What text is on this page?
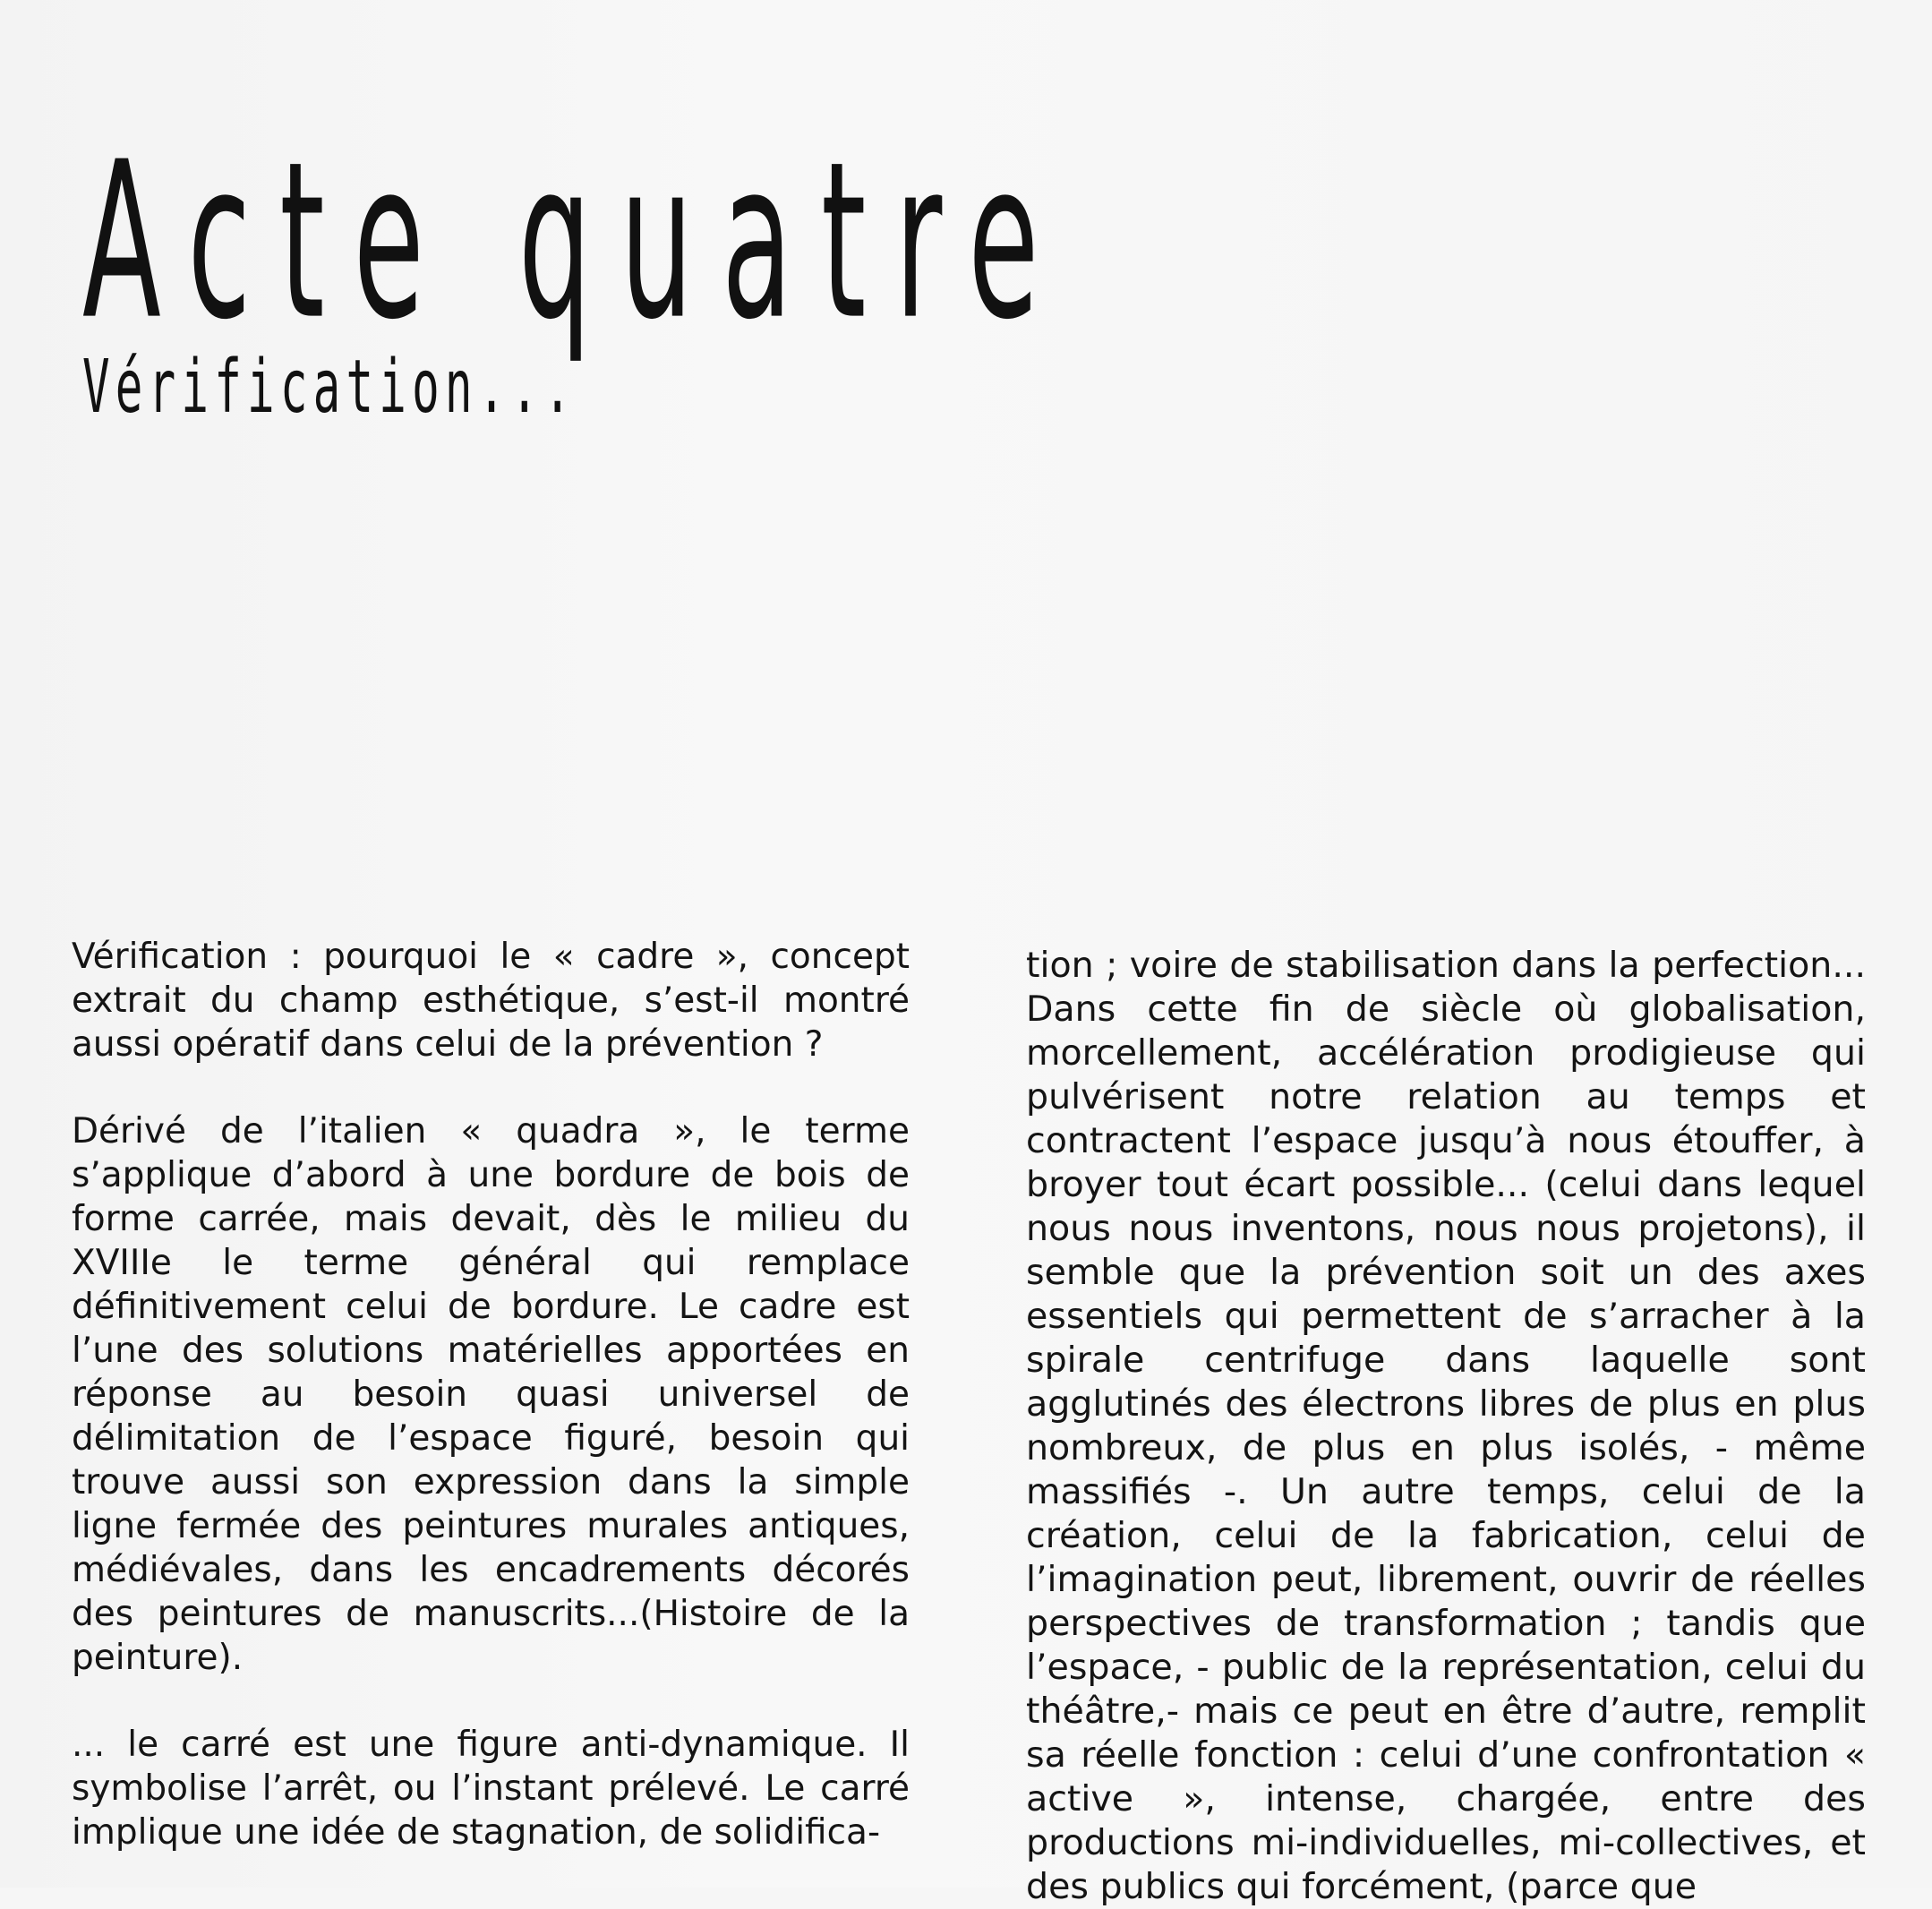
Acte quatre
Vérification...

Vérification : pourquoi le « cadre », concept extrait du champ esthétique, s’est-il montré aussi opératif dans celui de la prévention ?

Dérivé de l’italien « quadra », le terme s’applique d’abord à une bordure de bois de forme carrée, mais devait, dès le milieu du XVIIIe le terme général qui remplace définitivement celui de bordure. Le cadre est l’une des solutions matérielles apportées en réponse au besoin quasi universel de délimitation de l’espace figuré, besoin qui trouve aussi son expression dans la simple ligne fermée des peintures murales antiques, médiévales, dans les encadrements décorés des peintures de manuscrits...(Histoire de la peinture).

... le carré est une figure anti-dynamique. Il symbolise l’arrêt, ou l’instant prélevé. Le carré implique une idée de stagnation, de solidifica-

tion ; voire de stabilisation dans la perfection... Dans cette fin de siècle où globalisation, morcellement, accélération prodigieuse qui pulvérisent notre relation au temps et contractent l’espace jusqu’à nous étouffer, à broyer tout écart possible... (celui dans lequel nous nous inventons, nous nous projetons), il semble que la prévention soit un des axes essentiels qui permettent de s’arracher à la spirale centrifuge dans laquelle sont agglutinés des électrons libres de plus en plus nombreux, de plus en plus isolés, - même massifiés -. Un autre temps, celui de la création, celui de la fabrication, celui de l’imagination peut, librement, ouvrir de réelles perspectives de transformation ; tandis que l’espace, - public de la représentation, celui du théâtre,- mais ce peut en être d’autre, remplit sa réelle fonction : celui d’une confrontation « active », intense, chargée, entre des productions mi-individuelles, mi-collectives, et des publics qui forcément, (parce que
